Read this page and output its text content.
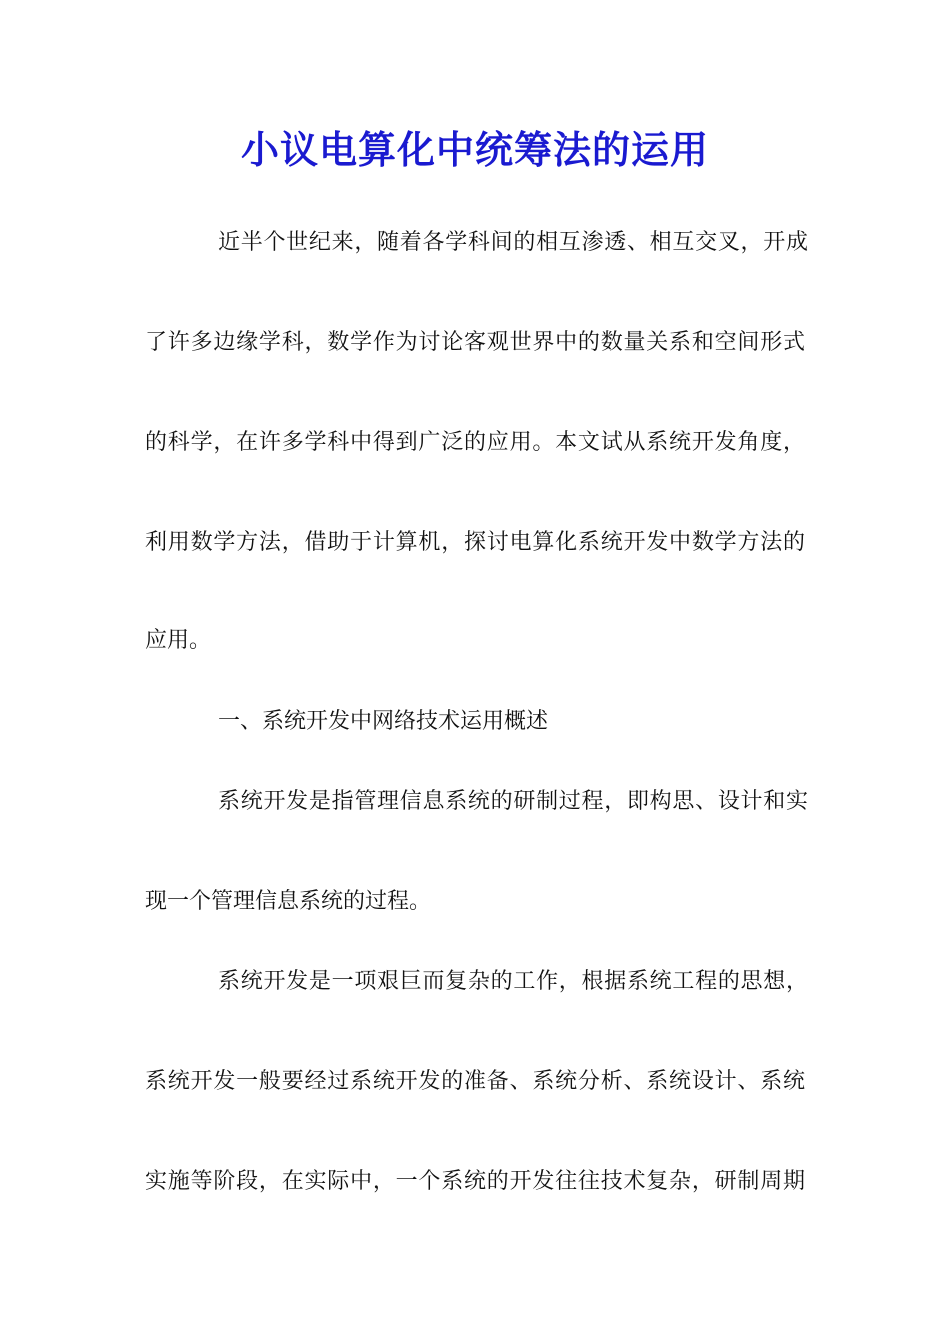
小议电算化中统筹法的运用

近半个世纪来，随着各学科间的相互渗透、相互交叉，开成

了许多边缘学科，数学作为讨论客观世界中的数量关系和空间形式

的科学，在许多学科中得到广泛的应用。本文试从系统开发角度，

利用数学方法，借助于计算机，探讨电算化系统开发中数学方法的

应用。

一、系统开发中网络技术运用概述

系统开发是指管理信息系统的研制过程，即构思、设计和实

现一个管理信息系统的过程。

系统开发是一项艰巨而复杂的工作，根据系统工程的思想，

系统开发一般要经过系统开发的准备、系统分析、系统设计、系统

实施等阶段，在实际中，一个系统的开发往往技术复杂，研制周期
